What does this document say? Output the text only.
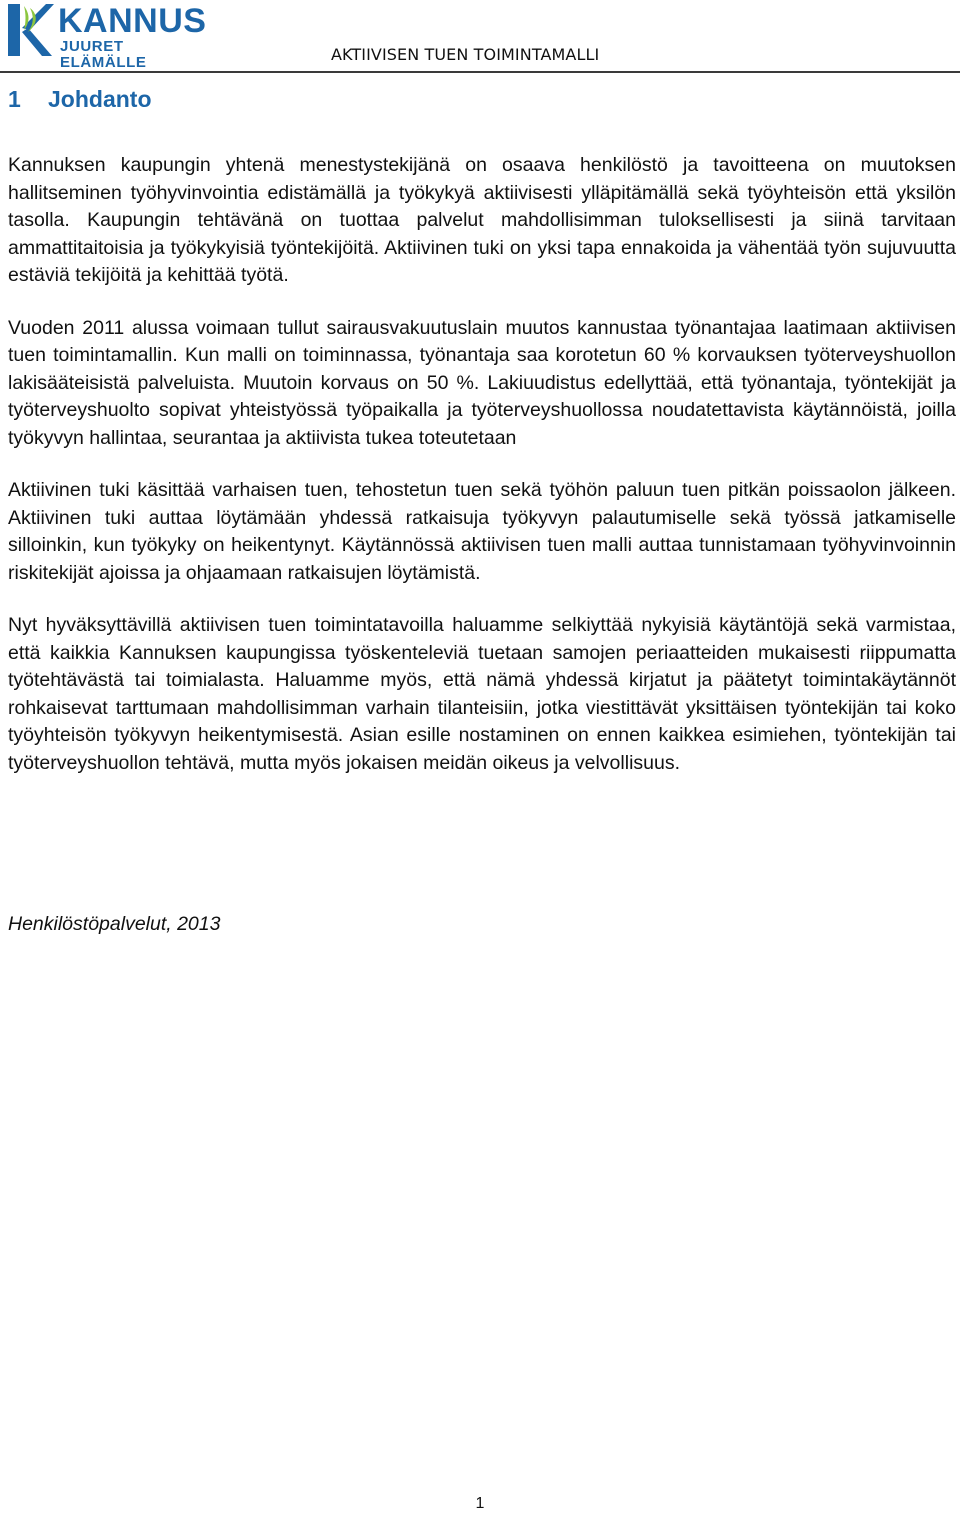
KANNUS
JUURET ELÄMÄLLE	AKTIIVISEN TUEN TOIMINTAMALLI
1 Johdanto

Kannuksen kaupungin yhtenä menestystekijänä on osaava henkilöstö ja tavoitteena on muutoksen hallitseminen työhyvinvointia edistämällä ja työkykyä aktiivisesti ylläpitämällä sekä työyhteisön että yksilön tasolla. Kaupungin tehtävänä on tuottaa palvelut mahdollisimman tuloksellisesti ja siinä tarvitaan ammattitaitoisia ja työkykyisiä työntekijöitä. Aktiivinen tuki on yksi tapa ennakoida ja vähentää työn sujuvuutta estäviä tekijöitä ja kehittää työtä.

Vuoden 2011 alussa voimaan tullut sairausvakuutuslain muutos kannustaa työnantajaa laatimaan aktiivisen tuen toimintamallin. Kun malli on toiminnassa, työnantaja saa korotetun 60 % korvauksen työterveyshuollon lakisääteisistä palveluista. Muutoin korvaus on 50 %. Lakiuudistus edellyttää, että työnantaja, työntekijät ja työterveyshuolto sopivat yhteistyössä työpaikalla ja työterveyshuollossa noudatettavista käytännöistä, joilla työkyvyn hallintaa, seurantaa ja aktiivista tukea toteutetaan

Aktiivinen tuki käsittää varhaisen tuen, tehostetun tuen sekä työhön paluun tuen pitkän poissaolon jälkeen. Aktiivinen tuki auttaa löytämään yhdessä ratkaisuja työkyvyn palautumiselle sekä työssä jatkamiselle silloinkin, kun työkyky on heikentynyt. Käytännössä aktiivisen tuen malli auttaa tunnistamaan työhyvinvoinnin riskitekijät ajoissa ja ohjaamaan ratkaisujen löytämistä.

Nyt hyväksyttävillä aktiivisen tuen toimintatavoilla haluamme selkiyttää nykyisiä käytäntöjä sekä varmistaa, että kaikkia Kannuksen kaupungissa työskenteleviä tuetaan samojen periaatteiden mukaisesti riippumatta työtehtävästä tai toimialasta. Haluamme myös, että nämä yhdessä kirjatut ja päätetyt toimintakäytännöt rohkaisevat tarttumaan mahdollisimman varhain tilanteisiin, jotka viestittävät yksittäisen työntekijän tai koko työyhteisön työkyvyn heikentymisestä. Asian esille nostaminen on ennen kaikkea esimiehen, työntekijän tai työterveyshuollon tehtävä, mutta myös jokaisen meidän oikeus ja velvollisuus.

Henkilöstöpalvelut, 2013

1
